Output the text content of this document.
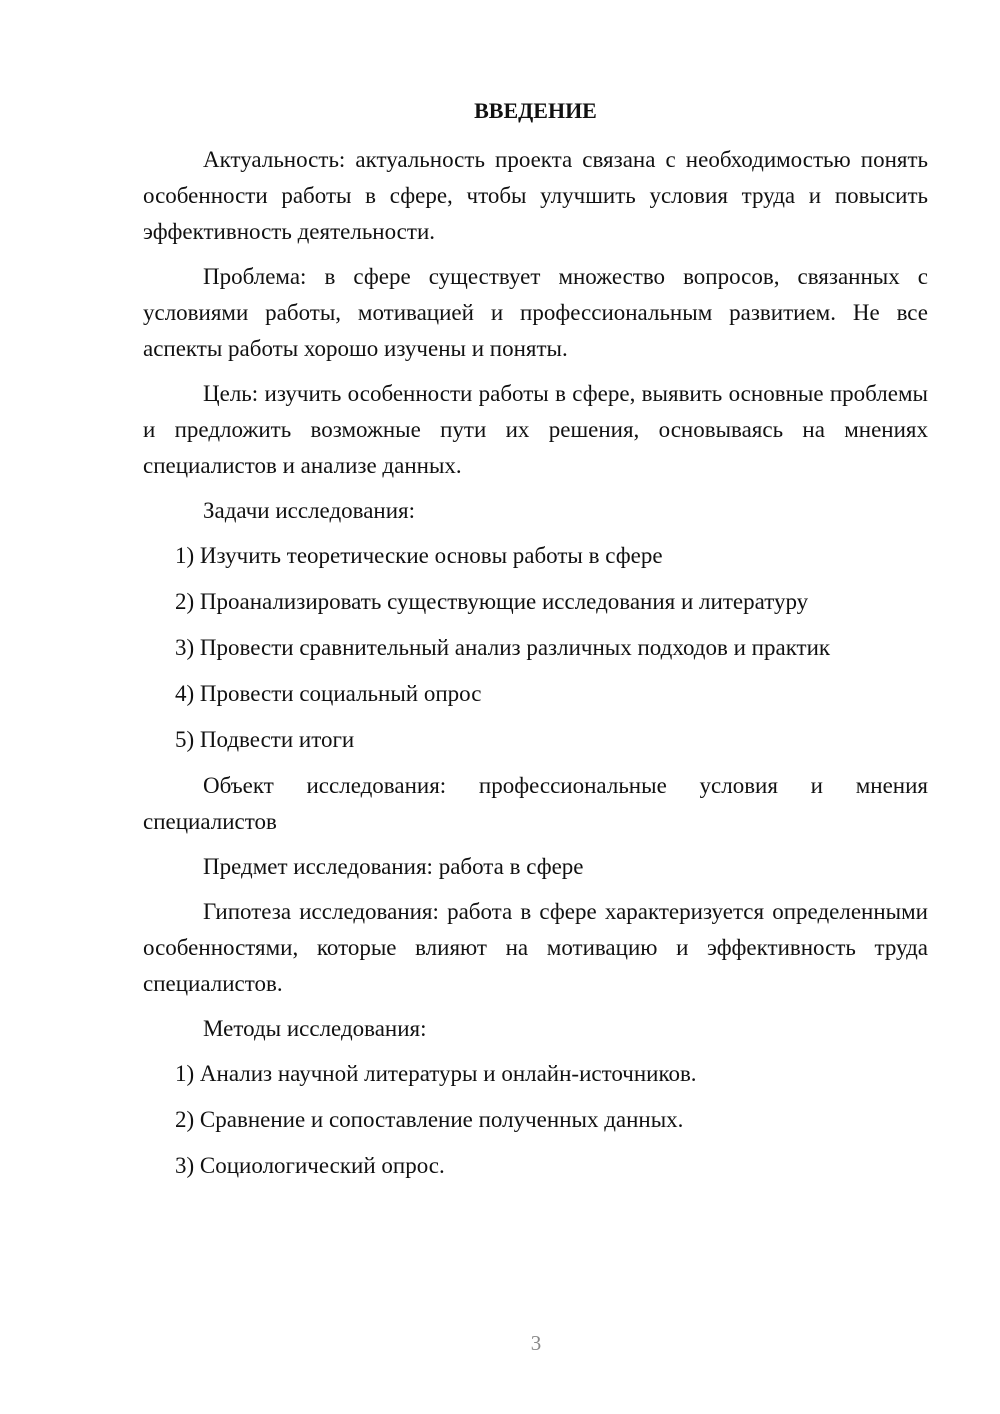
ВВЕДЕНИЕ

Актуальность: актуальность проекта связана с необходимостью понять особенности работы в сфере, чтобы улучшить условия труда и повысить эффективность деятельности.

Проблема: в сфере существует множество вопросов, связанных с условиями работы, мотивацией и профессиональным развитием. Не все аспекты работы хорошо изучены и поняты.

Цель: изучить особенности работы в сфере, выявить основные проблемы и предложить возможные пути их решения, основываясь на мнениях специалистов и анализе данных.

Задачи исследования:

1) Изучить теоретические основы работы в сфере
2) Проанализировать существующие исследования и литературу
3) Провести сравнительный анализ различных подходов и практик
4) Провести социальный опрос
5) Подвести итоги

Объект исследования: профессиональные условия и мнения специалистов

Предмет исследования: работа в сфере

Гипотеза исследования: работа в сфере характеризуется определенными особенностями, которые влияют на мотивацию и эффективность труда специалистов.

Методы исследования:

1) Анализ научной литературы и онлайн-источников.
2) Сравнение и сопоставление полученных данных.
3) Социологический опрос.
3
